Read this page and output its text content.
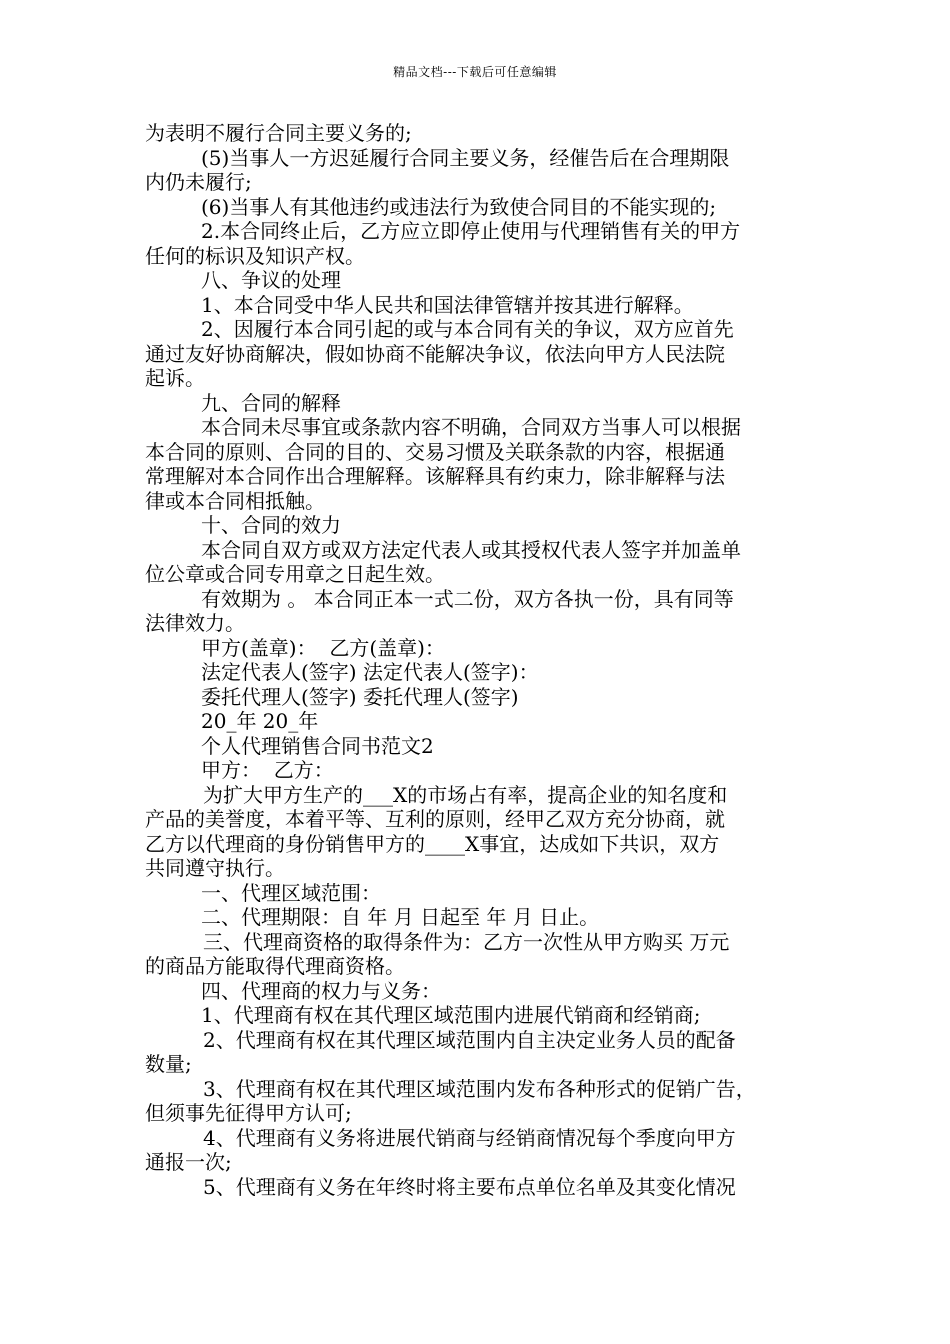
精品文档---下载后可任意编辑
为表明不履行合同主要义务的;
(5)当事人一方迟延履行合同主要义务，经催告后在合理期限
内仍未履行;
(6)当事人有其他违约或违法行为致使合同目的不能实现的;
2.本合同终止后，乙方应立即停止使用与代理销售有关的甲方
任何的标识及知识产权。
八、争议的处理
1、本合同受中华人民共和国法律管辖并按其进行解释。
2、因履行本合同引起的或与本合同有关的争议，双方应首先
通过友好协商解决，假如协商不能解决争议，依法向甲方人民法院
起诉。
九、合同的解释
本合同未尽事宜或条款内容不明确，合同双方当事人可以根据
本合同的原则、合同的目的、交易习惯及关联条款的内容，根据通
常理解对本合同作出合理解释。该解释具有约束力，除非解释与法
律或本合同相抵触。
十、合同的效力
本合同自双方或双方法定代表人或其授权代表人签字并加盖单
位公章或合同专用章之日起生效。
有效期为 。 本合同正本一式二份，双方各执一份，具有同等
法律效力。
甲方(盖章)：  乙方(盖章)：
法定代表人(签字) 法定代表人(签字)：
委托代理人(签字) 委托代理人(签字)
20_年 20_年
个人代理销售合同书范文2
甲方：  乙方：
为扩大甲方生产的___X的市场占有率，提高企业的知名度和
产品的美誉度，本着平等、互利的原则，经甲乙双方充分协商，就
乙方以代理商的身份销售甲方的____X事宜，达成如下共识，双方
共同遵守执行。
一、代理区域范围：
二、代理期限：自 年 月 日起至 年 月 日止。
三、代理商资格的取得条件为：乙方一次性从甲方购买 万元
的商品方能取得代理商资格。
四、代理商的权力与义务：
1、代理商有权在其代理区域范围内进展代销商和经销商;
2、代理商有权在其代理区域范围内自主决定业务人员的配备
数量;
3、代理商有权在其代理区域范围内发布各种形式的促销广告，
但须事先征得甲方认可;
4、代理商有义务将进展代销商与经销商情况每个季度向甲方
通报一次;
5、代理商有义务在年终时将主要布点单位名单及其变化情况
